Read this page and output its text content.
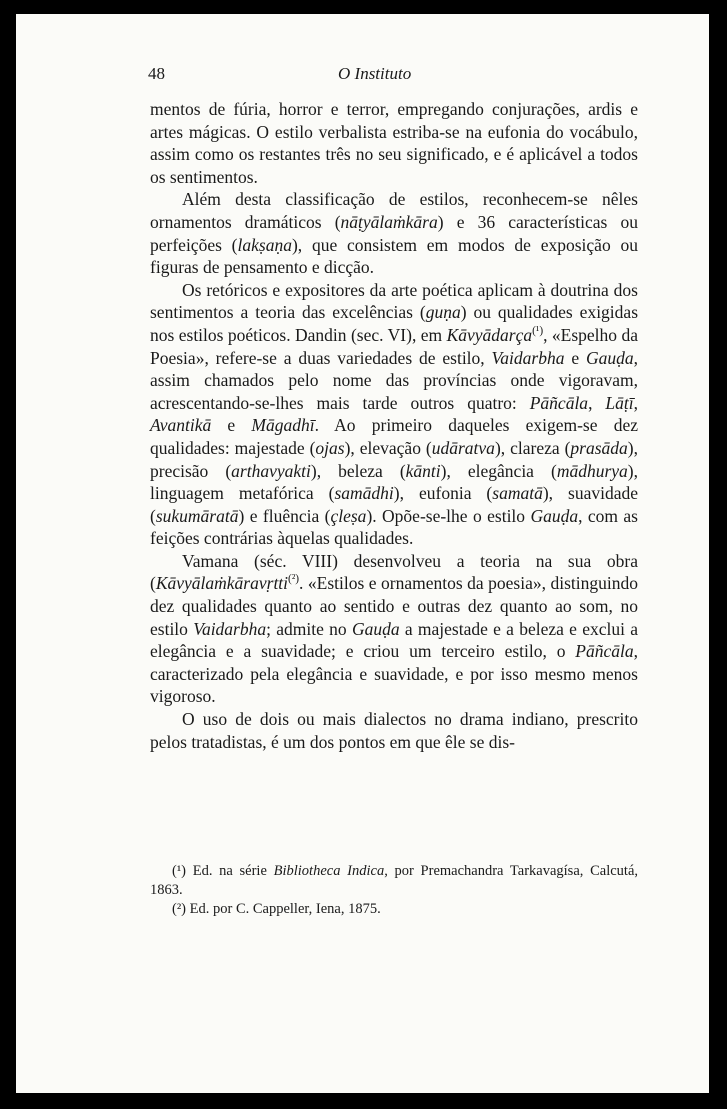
48	O Instituto

mentos de fúria, horror e terror, empregando conjurações, ardis e artes mágicas. O estilo verbalista estriba-se na eufonia do vocábulo, assim como os restantes três no seu significado, e é aplicável a todos os sentimentos.

Além desta classificação de estilos, reconhecem-se nêles ornamentos dramáticos (nāṭyālaṁkāra) e 36 características ou perfeições (lakṣaṇa), que consistem em modos de exposição ou figuras de pensamento e dicção.

Os retóricos e expositores da arte poética aplicam à doutrina dos sentimentos a teoria das excelências (guṇa) ou qualidades exigidas nos estilos poéticos. Dandin (sec. VI), em Kāvyādarça$^{(^1)}$, «Espelho da Poesia», refere-se a duas variedades de estilo, Vaidarbha e Gauḍa, assim chamados pelo nome das províncias onde vigoravam, acrescentando-se-lhes mais tarde outros quatro: Pāñcāla, Lāṭī, Avantikā e Māgadhī. Ao primeiro daqueles exigem-se dez qualidades: majestade (ojas), elevação (udāratva), clareza (prasāda), precisão (arthavyakti), beleza (kānti), elegância (mādhurya), linguagem metafórica (samādhi), eufonia (samatā), suavidade (sukumāratā) e fluência (çleṣa). Opõe-se-lhe o estilo Gauḍa, com as feições contrárias àquelas qualidades.

Vamana (séc. VIII) desenvolveu a teoria na sua obra (Kāvyālaṁkāravṛtti$^{(^2)}$. «Estilos e ornamentos da poesia», distinguindo dez qualidades quanto ao sentido e outras dez quanto ao som, no estilo Vaidarbha; admite no Gauḍa a majestade e a beleza e exclui a elegância e a suavidade; e criou um terceiro estilo, o Pāñcāla, caracterizado pela elegância e suavidade, e por isso mesmo menos vigoroso.

O uso de dois ou mais dialectos no drama indiano, prescrito pelos tratadistas, é um dos pontos em que êle se dis-

(¹) Ed. na série Bibliotheca Indica, por Premachandra Tarkavagísa, Calcutá, 1863.

(²) Ed. por C. Cappeller, Iena, 1875.
